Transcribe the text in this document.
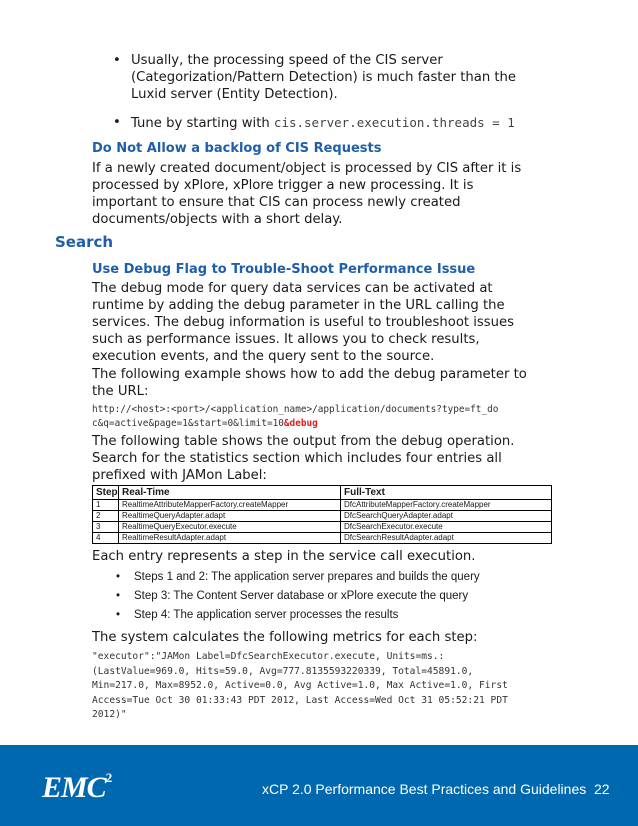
• Usually, the processing speed of the CIS server (Categorization/Pattern Detection) is much faster than the Luxid server (Entity Detection).
• Tune by starting with cis.server.execution.threads = 1
Do Not Allow a backlog of CIS Requests
If a newly created document/object is processed by CIS after it is processed by xPlore, xPlore trigger a new processing. It is important to ensure that CIS can process newly created documents/objects with a short delay.
Search
Use Debug Flag to Trouble-Shoot Performance Issue
The debug mode for query data services can be activated at runtime by adding the debug parameter in the URL calling the services. The debug information is useful to troubleshoot issues such as performance issues. It allows you to check results, execution events, and the query sent to the source.
The following example shows how to add the debug parameter to the URL:
http://<host>:<port>/<application_name>/application/documents?type=ft_do
c&q=active&page=1&start=0&limit=10&debug
The following table shows the output from the debug operation. Search for the statistics section which includes four entries all prefixed with JAMon Label:
Step	Real-Time	Full-Text
1	RealtimeAttributeMapperFactory.createMapper	DfcAttributeMapperFactory.createMapper
2	RealtimeQueryAdapter.adapt	DfcSearchQueryAdapter.adapt
3	RealtimeQueryExecutor.execute	DfcSearchExecutor.execute
4	RealtimeResultAdapter.adapt	DfcSearchResultAdapter.adapt
Each entry represents a step in the service call execution.
• Steps 1 and 2: The application server prepares and builds the query
• Step 3: The Content Server database or xPlore execute the query
• Step 4: The application server processes the results
The system calculates the following metrics for each step:
"executor":"JAMon Label=DfcSearchExecutor.execute, Units=ms.:
(LastValue=969.0, Hits=59.0, Avg=777.8135593220339, Total=45891.0,
Min=217.0, Max=8952.0, Active=0.0, Avg Active=1.0, Max Active=1.0, First
Access=Tue Oct 30 01:33:43 PDT 2012, Last Access=Wed Oct 31 05:52:21 PDT
2012)"
EMC$^2$
xCP 2.0 Performance Best Practices and Guidelines 22
